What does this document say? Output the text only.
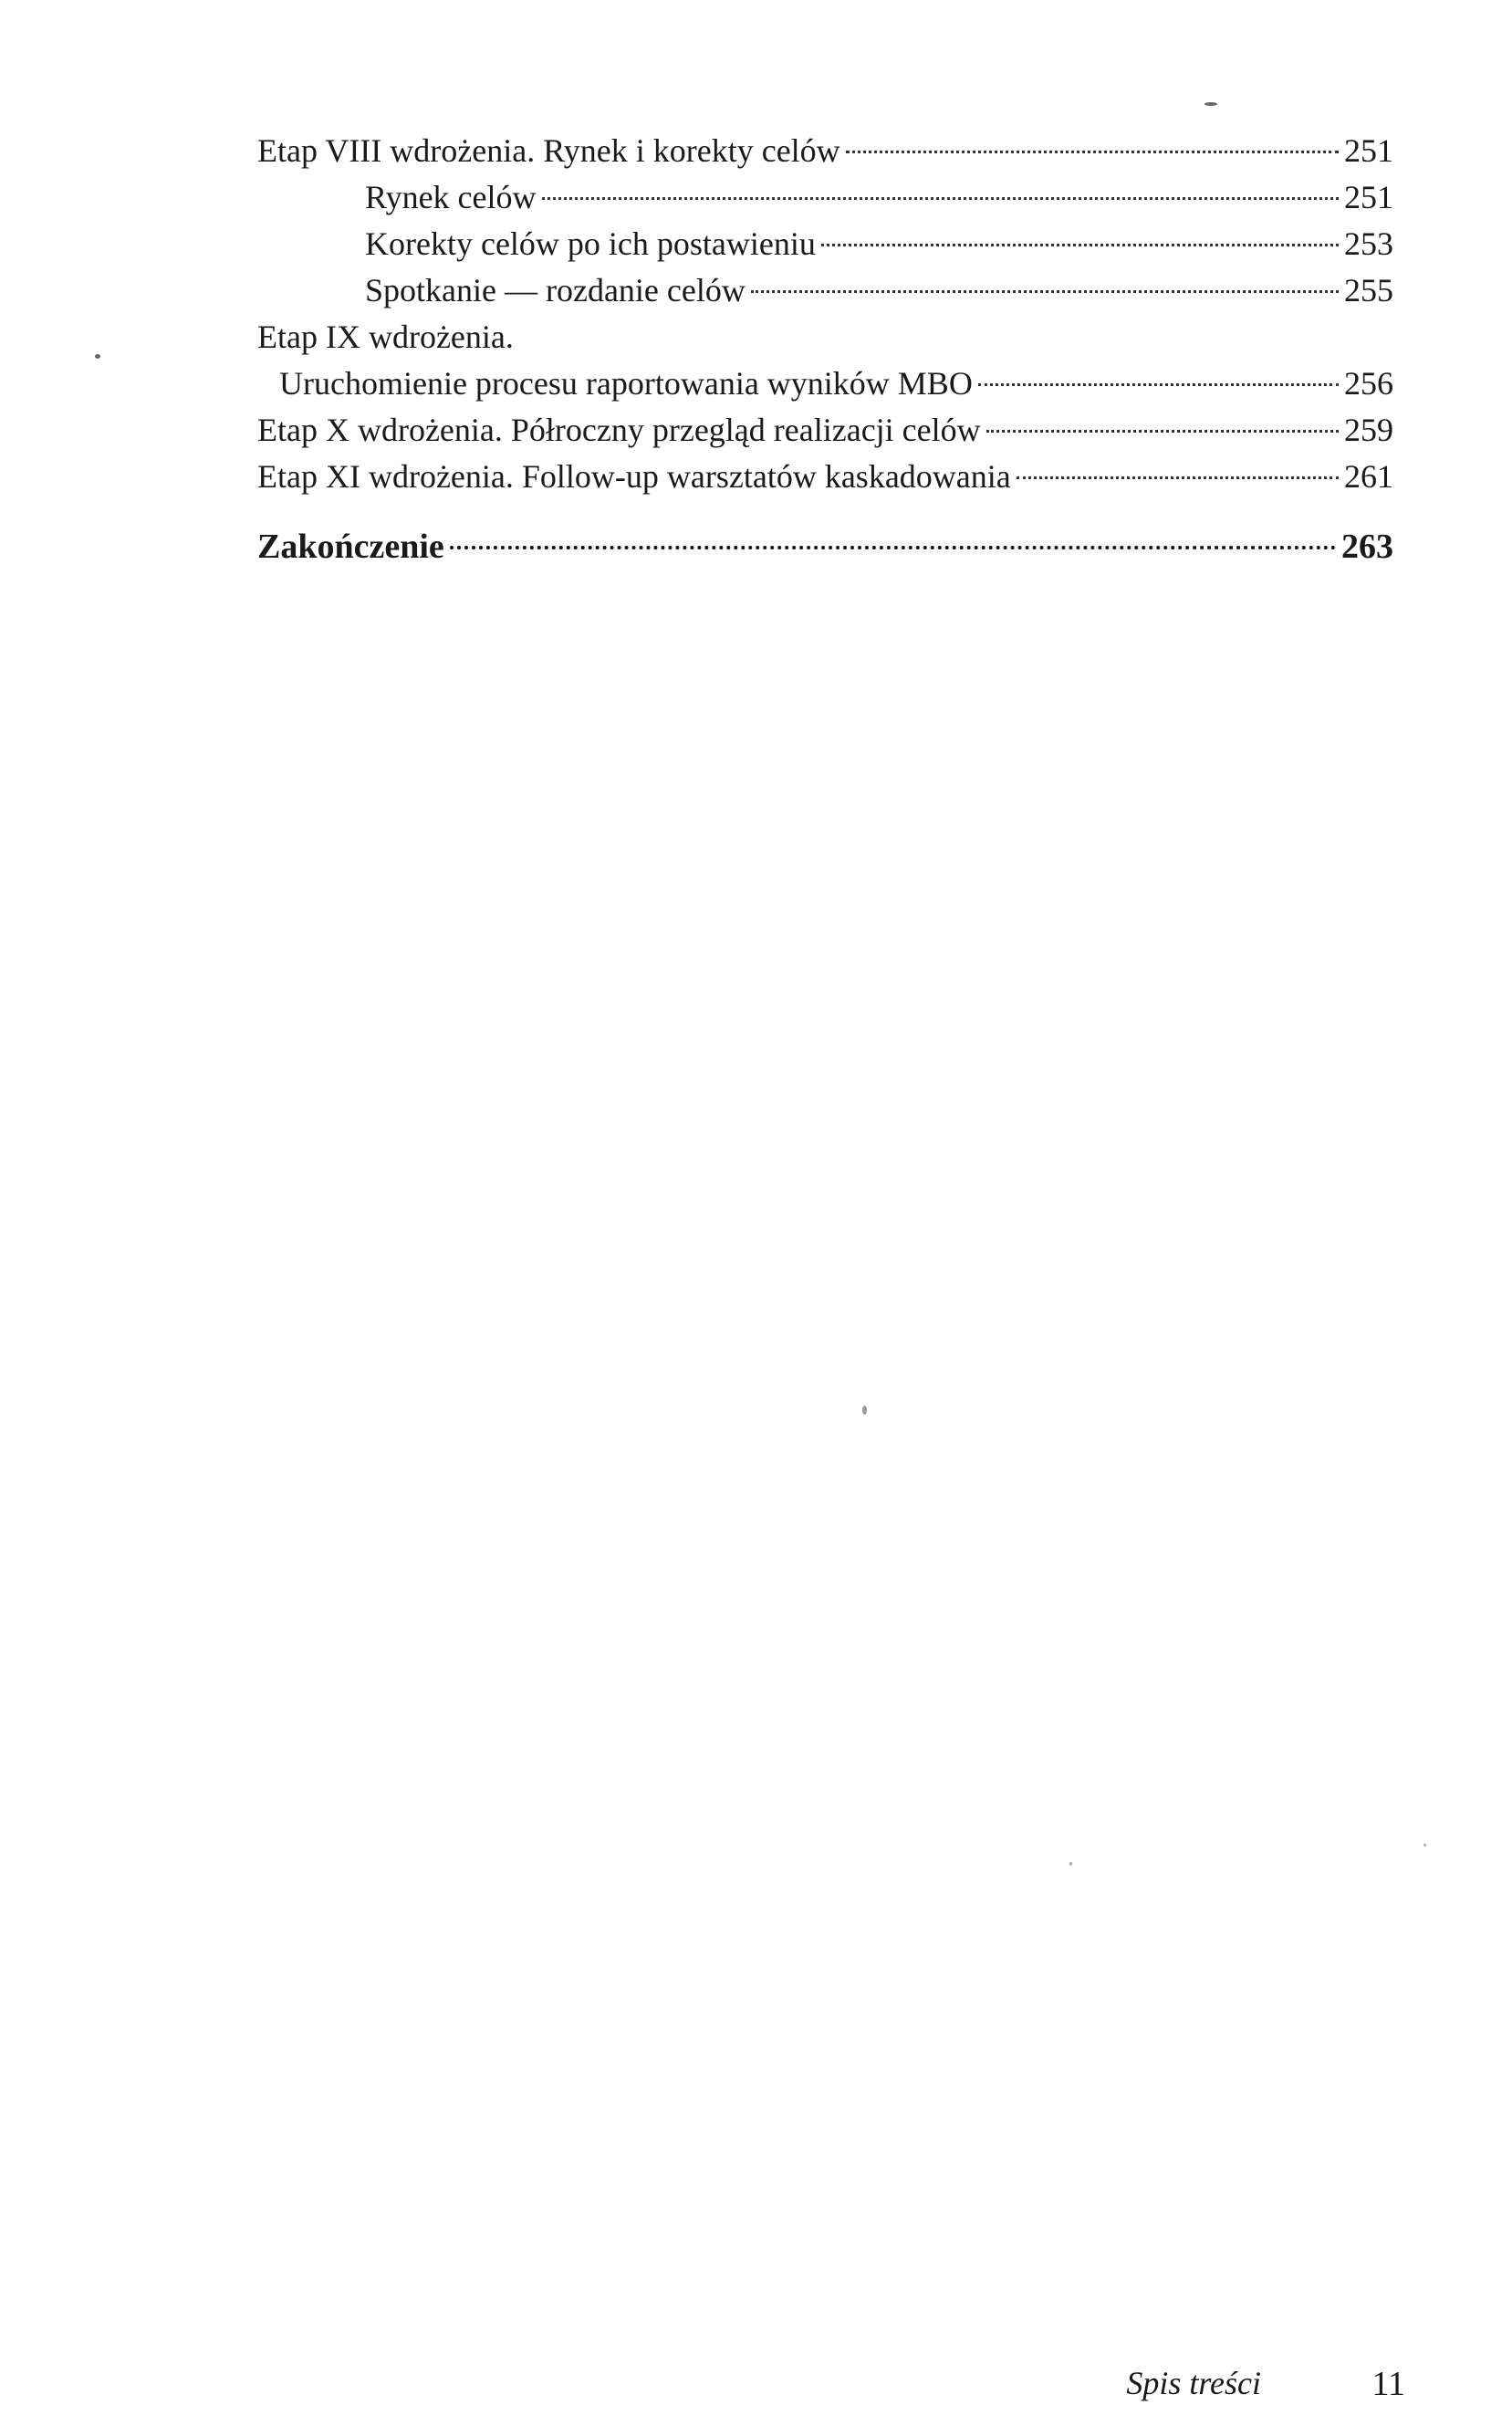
Etap VIII wdrożenia. Rynek i korekty celów	251
Rynek celów	251
Korekty celów po ich postawieniu	253
Spotkanie — rozdanie celów	255
Etap IX wdrożenia.
Uruchomienie procesu raportowania wyników MBO	256
Etap X wdrożenia. Półroczny przegląd realizacji celów	259
Etap XI wdrożenia. Follow-up warsztatów kaskadowania	261
Zakończenie	263
Spis treści	11
